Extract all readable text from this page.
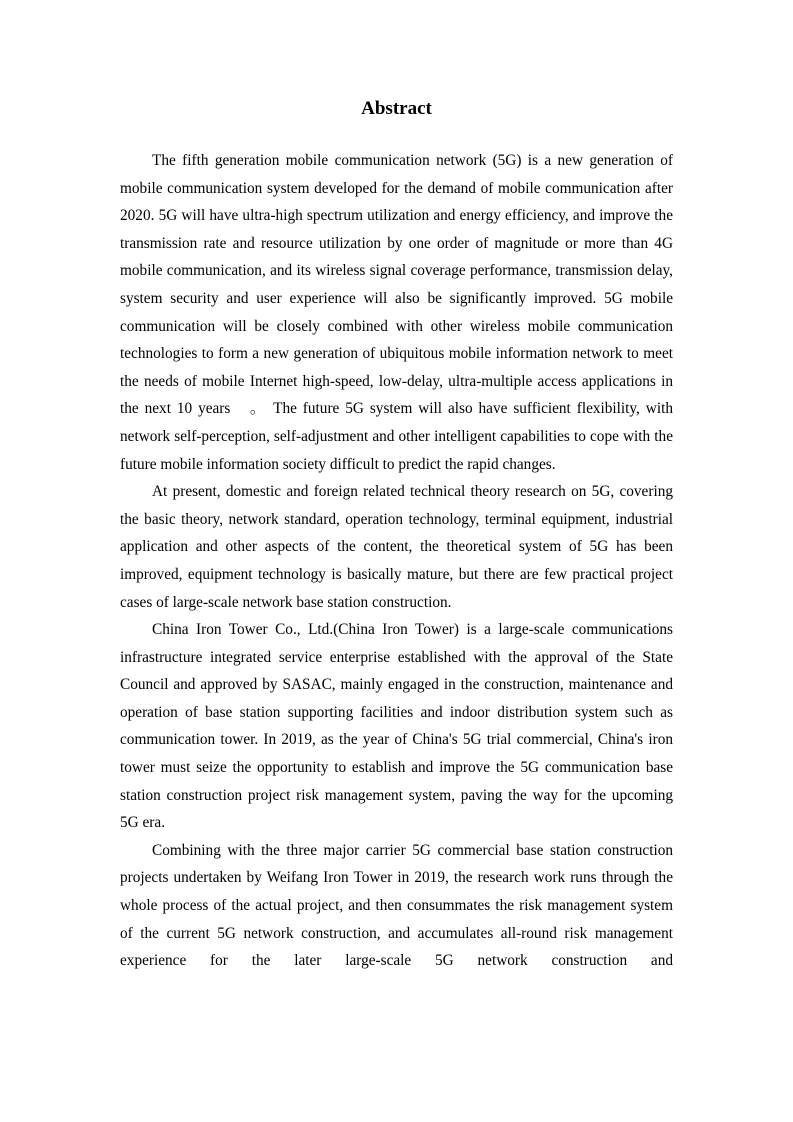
Abstract

The fifth generation mobile communication network (5G) is a new generation of mobile communication system developed for the demand of mobile communication after 2020. 5G will have ultra-high spectrum utilization and energy efficiency, and improve the transmission rate and resource utilization by one order of magnitude or more than 4G mobile communication, and its wireless signal coverage performance, transmission delay, system security and user experience will also be significantly improved. 5G mobile communication will be closely combined with other wireless mobile communication technologies to form a new generation of ubiquitous mobile information network to meet the needs of mobile Internet high-speed, low-delay, ultra-multiple access applications in the next 10 years　。 The future 5G system will also have sufficient flexibility, with network self-perception, self-adjustment and other intelligent capabilities to cope with the future mobile information society difficult to predict the rapid changes.

At present, domestic and foreign related technical theory research on 5G, covering the basic theory, network standard, operation technology, terminal equipment, industrial application and other aspects of the content, the theoretical system of 5G has been improved, equipment technology is basically mature, but there are few practical project cases of large-scale network base station construction.

China Iron Tower Co., Ltd.(China Iron Tower) is a large-scale communications infrastructure integrated service enterprise established with the approval of the State Council and approved by SASAC, mainly engaged in the construction, maintenance and operation of base station supporting facilities and indoor distribution system such as communication tower. In 2019, as the year of China's 5G trial commercial, China's iron tower must seize the opportunity to establish and improve the 5G communication base station construction project risk management system, paving the way for the upcoming 5G era.

Combining with the three major carrier 5G commercial base station construction projects undertaken by Weifang Iron Tower in 2019, the research work runs through the whole process of the actual project, and then consummates the risk management system of the current 5G network construction, and accumulates all-round risk management experience for the later large-scale 5G network construction and
